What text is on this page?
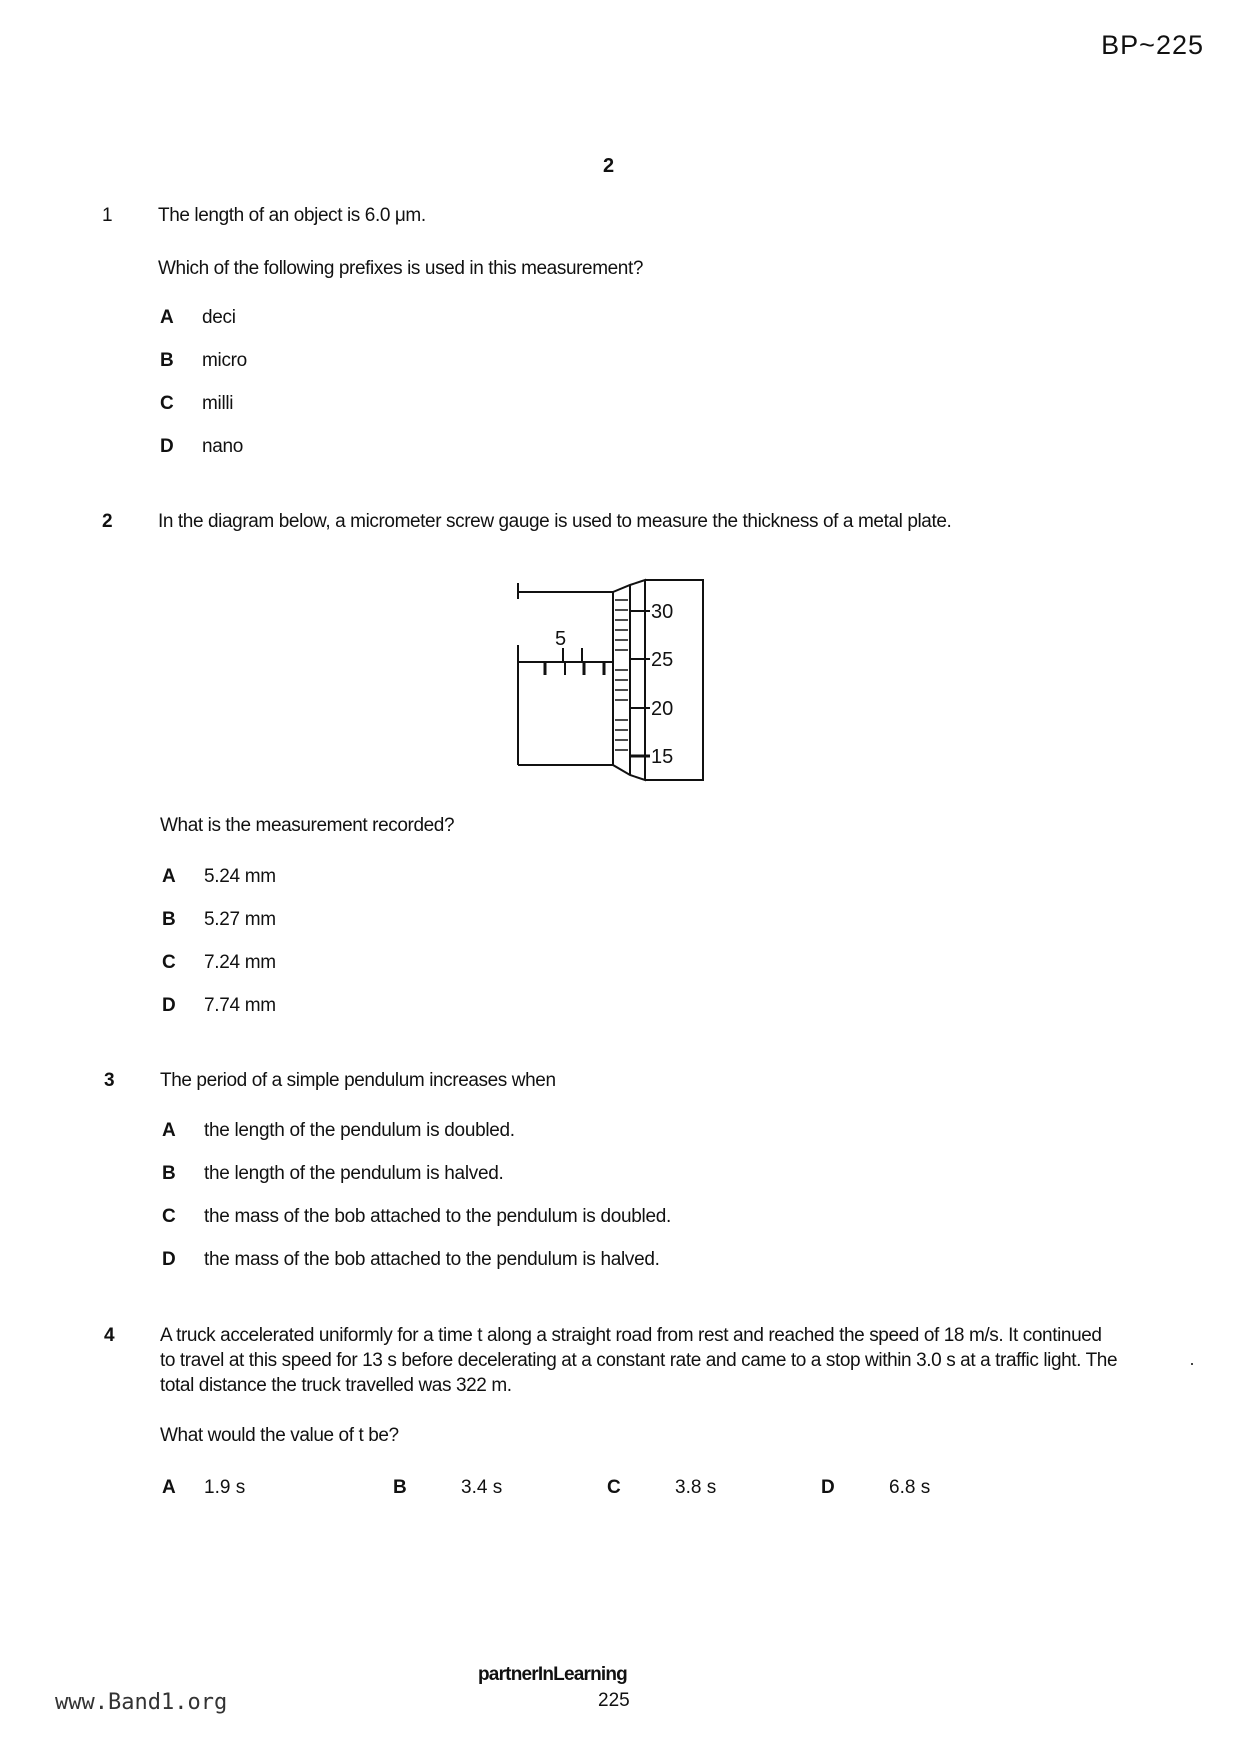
BP~225
2
1 The length of an object is 6.0 μm.
Which of the following prefixes is used in this measurement?
A deci
B micro
C milli
D nano
2 In the diagram below, a micrometer screw gauge is used to measure the thickness of a metal plate.
5
30
25
20
15
What is the measurement recorded?
A 5.24 mm
B 5.27 mm
C 7.24 mm
D 7.74 mm
3 The period of a simple pendulum increases when
A the length of the pendulum is doubled.
B the length of the pendulum is halved.
C the mass of the bob attached to the pendulum is doubled.
D the mass of the bob attached to the pendulum is halved.
4 A truck accelerated uniformly for a time t along a straight road from rest and reached the speed of 18 m/s. It continued to travel at this speed for 13 s before decelerating at a constant rate and came to a stop within 3.0 s at a traffic light. The total distance the truck travelled was 322 m.
What would the value of t be?
A 1.9 s	B	3.4 s	C	3.8 s	D	6.8 s
partnerInLearning
225
www.Band1.org
